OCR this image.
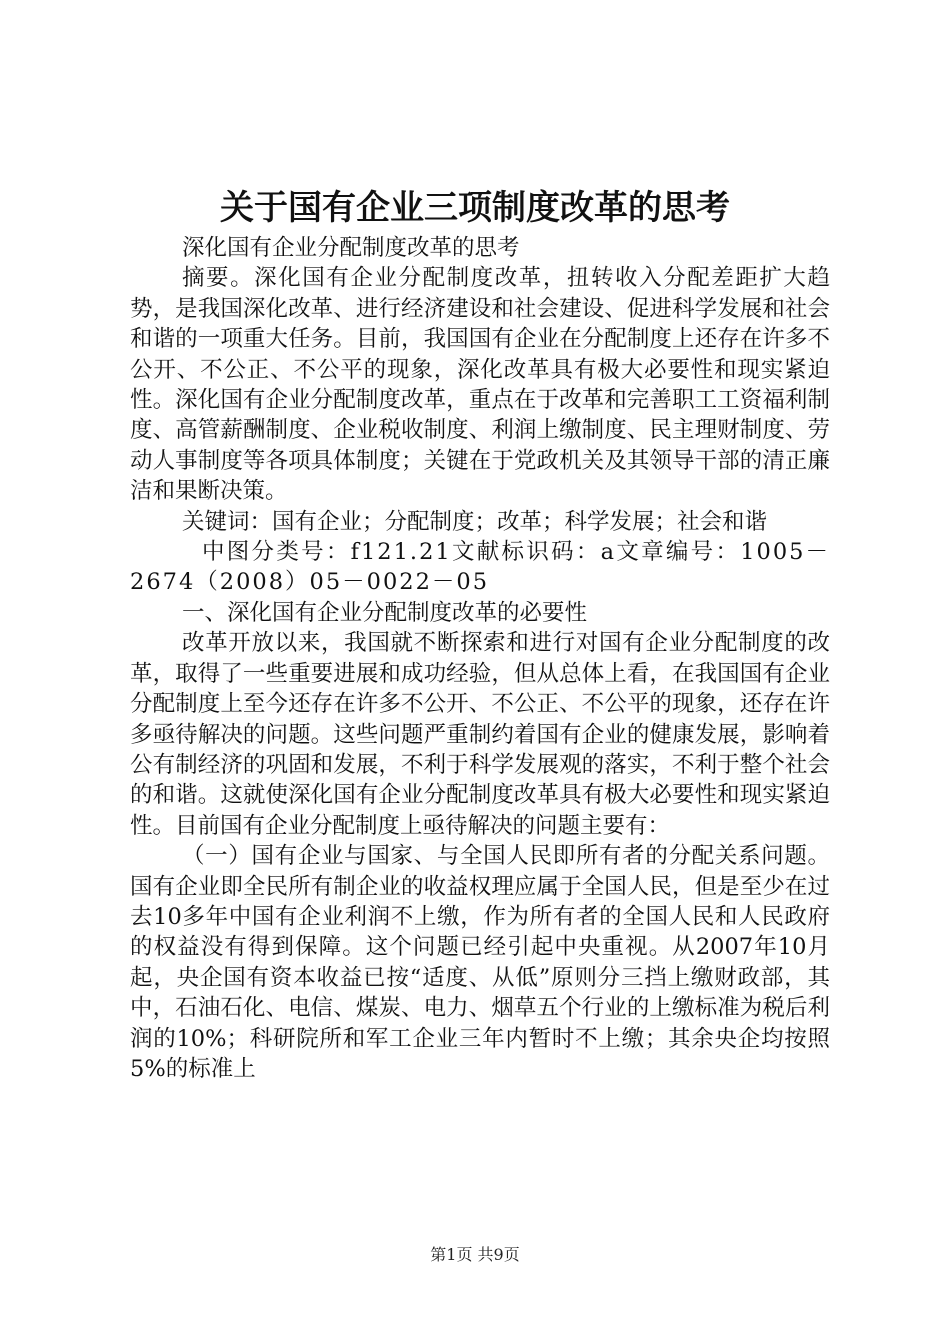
关于国有企业三项制度改革的思考

深化国有企业分配制度改革的思考

摘要。深化国有企业分配制度改革，扭转收入分配差距扩大趋势，是我国深化改革、进行经济建设和社会建设、促进科学发展和社会和谐的一项重大任务。目前，我国国有企业在分配制度上还存在许多不公开、不公正、不公平的现象，深化改革具有极大必要性和现实紧迫性。深化国有企业分配制度改革，重点在于改革和完善职工工资福利制度、高管薪酬制度、企业税收制度、利润上缴制度、民主理财制度、劳动人事制度等各项具体制度；关键在于党政机关及其领导干部的清正廉洁和果断决策。

关键词：国有企业；分配制度；改革；科学发展；社会和谐

中图分类号：f121.21文献标识码：a文章编号：1005－2674（2008）05－0022－05

一、深化国有企业分配制度改革的必要性

改革开放以来，我国就不断探索和进行对国有企业分配制度的改革，取得了一些重要进展和成功经验，但从总体上看，在我国国有企业分配制度上至今还存在许多不公开、不公正、不公平的现象，还存在许多亟待解决的问题。这些问题严重制约着国有企业的健康发展，影响着公有制经济的巩固和发展，不利于科学发展观的落实，不利于整个社会的和谐。这就使深化国有企业分配制度改革具有极大必要性和现实紧迫性。目前国有企业分配制度上亟待解决的问题主要有：

（一）国有企业与国家、与全国人民即所有者的分配关系问题。国有企业即全民所有制企业的收益权理应属于全国人民，但是至少在过去10多年中国有企业利润不上缴，作为所有者的全国人民和人民政府的权益没有得到保障。这个问题已经引起中央重视。从2007年10月起，央企国有资本收益已按“适度、从低”原则分三挡上缴财政部，其中，石油石化、电信、煤炭、电力、烟草五个行业的上缴标准为税后利润的10%；科研院所和军工企业三年内暂时不上缴；其余央企均按照5%的标准上

第1页 共9页
